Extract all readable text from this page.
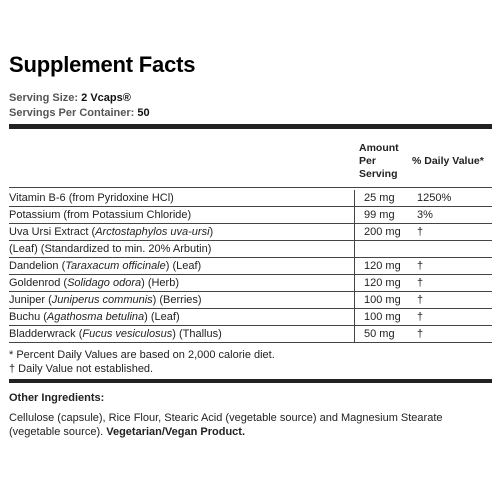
Supplement Facts
Serving Size: 2 Vcaps®
Servings Per Container: 50
Amount
Per
Serving
% Daily Value*
Vitamin B-6 (from Pyridoxine HCl)	25 mg 1250%
Potassium (from Potassium Chloride)	99 mg 3%
Uva Ursi Extract (Arctostaphylos uva-ursi)	200 mg †
(Leaf) (Standardized to min. 20% Arbutin)
Dandelion (Taraxacum officinale) (Leaf)	120 mg †
Goldenrod (Solidago odora) (Herb)	120 mg †
Juniper (Juniperus communis) (Berries)	100 mg †
Buchu (Agathosma betulina) (Leaf)	100 mg †
Bladderwrack (Fucus vesiculosus) (Thallus)	50 mg †
* Percent Daily Values are based on 2,000 calorie diet.
† Daily Value not established.
Other Ingredients:
Cellulose (capsule), Rice Flour, Stearic Acid (vegetable source) and Magnesium Stearate (vegetable source). Vegetarian/Vegan Product.
